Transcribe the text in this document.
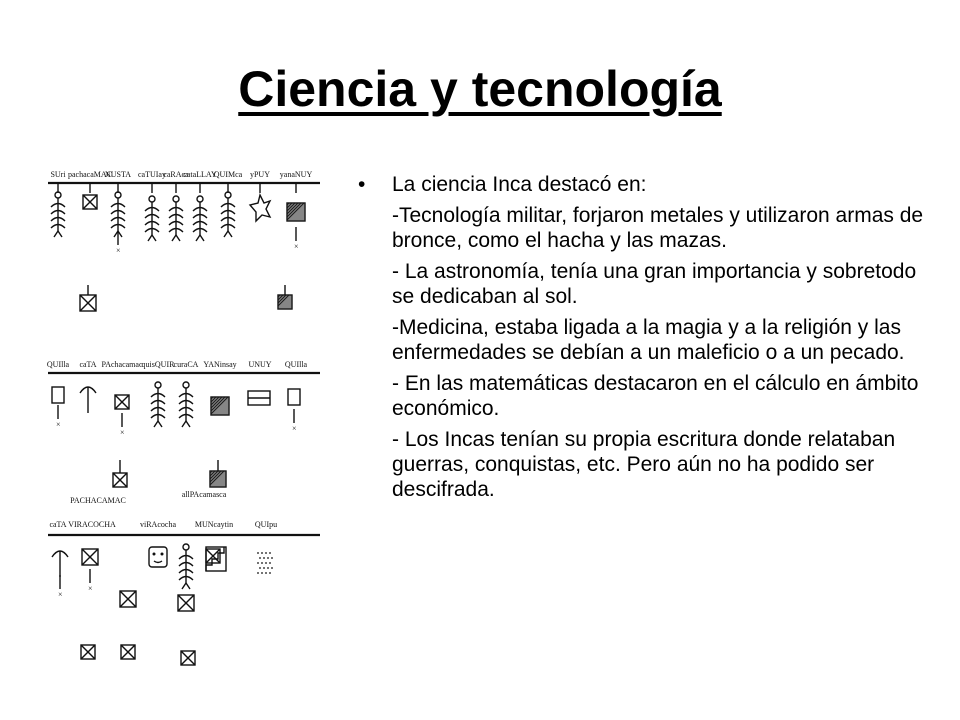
Ciencia y tecnología
SUri pachacaMAC
NUSTA caTUIay
caRAca
cataLLAY
QUIMca yPUY yanaNUY
×	×
QUIlla caTA PAchacamac quisQUIR curaCA YANinsay UNUY QUIlla
×
×	×
PACHACAMAC
allPAcamasca
caTA VIRACOCHA	viRAcocha MUNcaytin	QUIpu
×
×

•	La ciencia Inca destacó en:

-Tecnología militar, forjaron metales y utilizaron armas de bronce, como el hacha y las mazas.

- La astronomía, tenía una gran importancia y sobretodo se dedicaban al sol.

-Medicina, estaba ligada a la magia y a la religión y las enfermedades se debían a un maleficio o a un pecado.

- En las matemáticas destacaron en el cálculo en ámbito económico.

- Los Incas tenían su propia escritura donde relataban guerras, conquistas, etc. Pero aún no ha podido ser descifrada.
